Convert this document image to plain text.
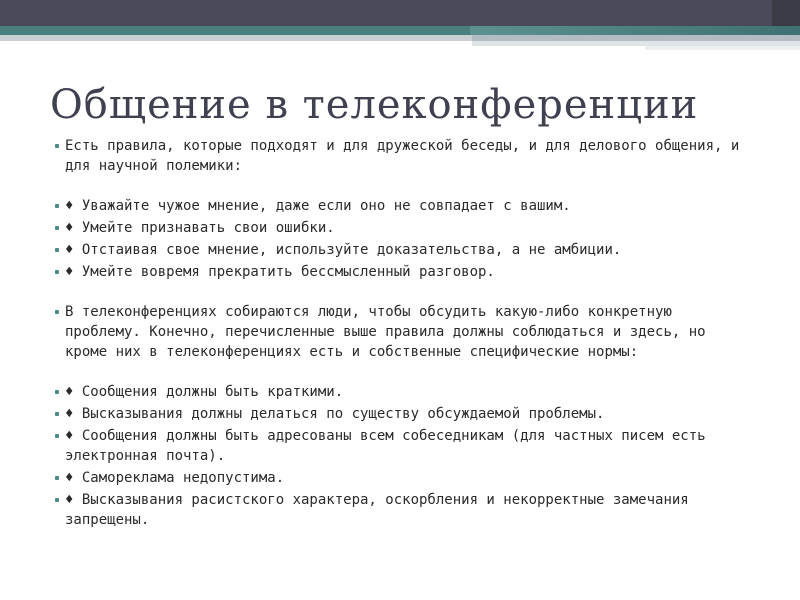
Общение в телеконференции

Есть правила, которые подходят и для дружеской беседы, и для делового общения, и для научной полемики:

♦ Уважайте чужое мнение, даже если оно не совпадает с вашим.

♦ Умейте признавать свои ошибки.

♦ Отстаивая свое мнение, используйте доказательства, а не амбиции.

♦ Умейте вовремя прекратить бессмысленный разговор.

В телеконференциях собираются люди, чтобы обсудить какую-либо конкретную проблему. Конечно, перечисленные выше правила должны соблюдаться и здесь, но кроме них в телеконференциях есть и собственные специфические нормы:

♦ Сообщения должны быть краткими.

♦ Высказывания должны делаться по существу обсуждаемой проблемы.

♦ Сообщения должны быть адресованы всем собеседникам (для частных писем есть электронная почта).

♦ Самореклама недопустима.

♦ Высказывания расистского характера, оскорбления и некорректные замечания запрещены.
